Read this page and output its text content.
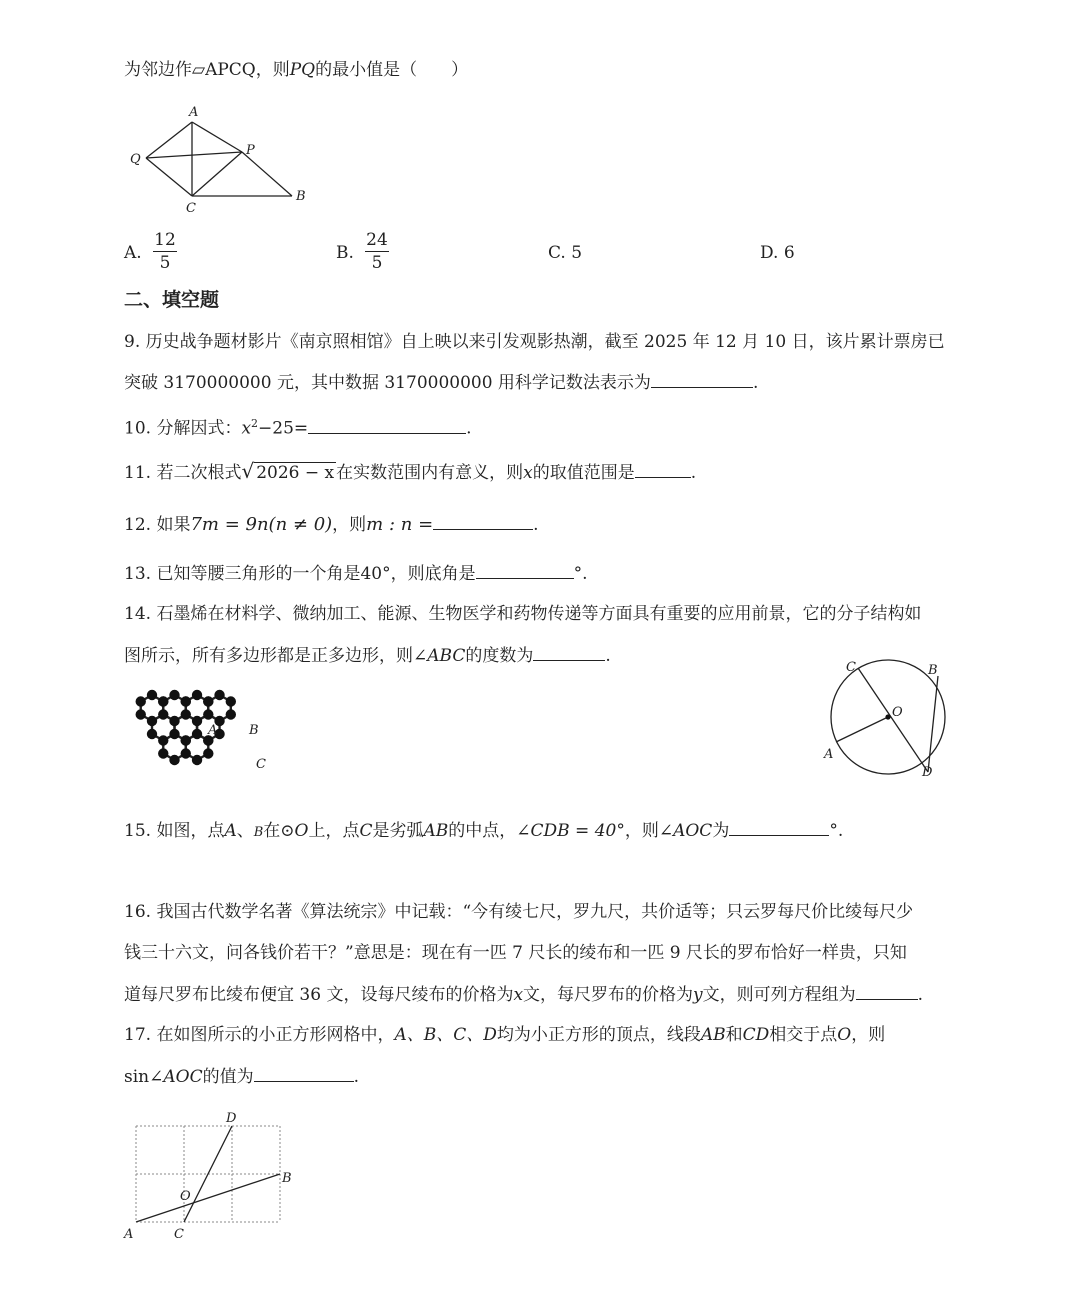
为邻边作▱APCQ，则PQ的最小值是（　　）
A
P
Q
C
B
A.
12
5	B.
24
5	C. 5	D. 6
二、填空题
9. 历史战争题材影片《南京照相馆》自上映以来引发观影热潮，截至 2025 年 12 月 10 日，该片累计票房已
突破 3170000000 元，其中数据 3170000000 用科学记数法表示为	.
10. 分解因式：$x^2-25=$	.
11. 若二次根式√ 2026 − x 在实数范围内有意义，则x的取值范围是	.
12. 如果7m = 9n(n ≠ 0)，则m : n =	.
13. 已知等腰三角形的一个角是40°，则底角是	°.
14. 石墨烯在材料学、微纳加工、能源、生物医学和药物传递等方面具有重要的应用前景，它的分子结构如
图所示，所有多边形都是正多边形，则∠ABC的度数为	.
A B
C
C	B
O
A
D
15. 如图，点A、B在⊙O上，点C是劣弧AB的中点，∠CDB = 40°，则∠AOC为	°.
16. 我国古代数学名著《算法统宗》中记载：“今有绫七尺，罗九尺，共价适等；只云罗每尺价比绫每尺少
钱三十六文，问各钱价若干？”意思是：现在有一匹 7 尺长的绫布和一匹 9 尺长的罗布恰好一样贵，只知
道每尺罗布比绫布便宜 36 文，设每尺绫布的价格为x文，每尺罗布的价格为y文，则可列方程组为	.
17. 在如图所示的小正方形网格中，A、B、C、D均为小正方形的顶点，线段AB和CD相交于点O，则
sin∠AOC的值为	.
D
B
O
A	C
